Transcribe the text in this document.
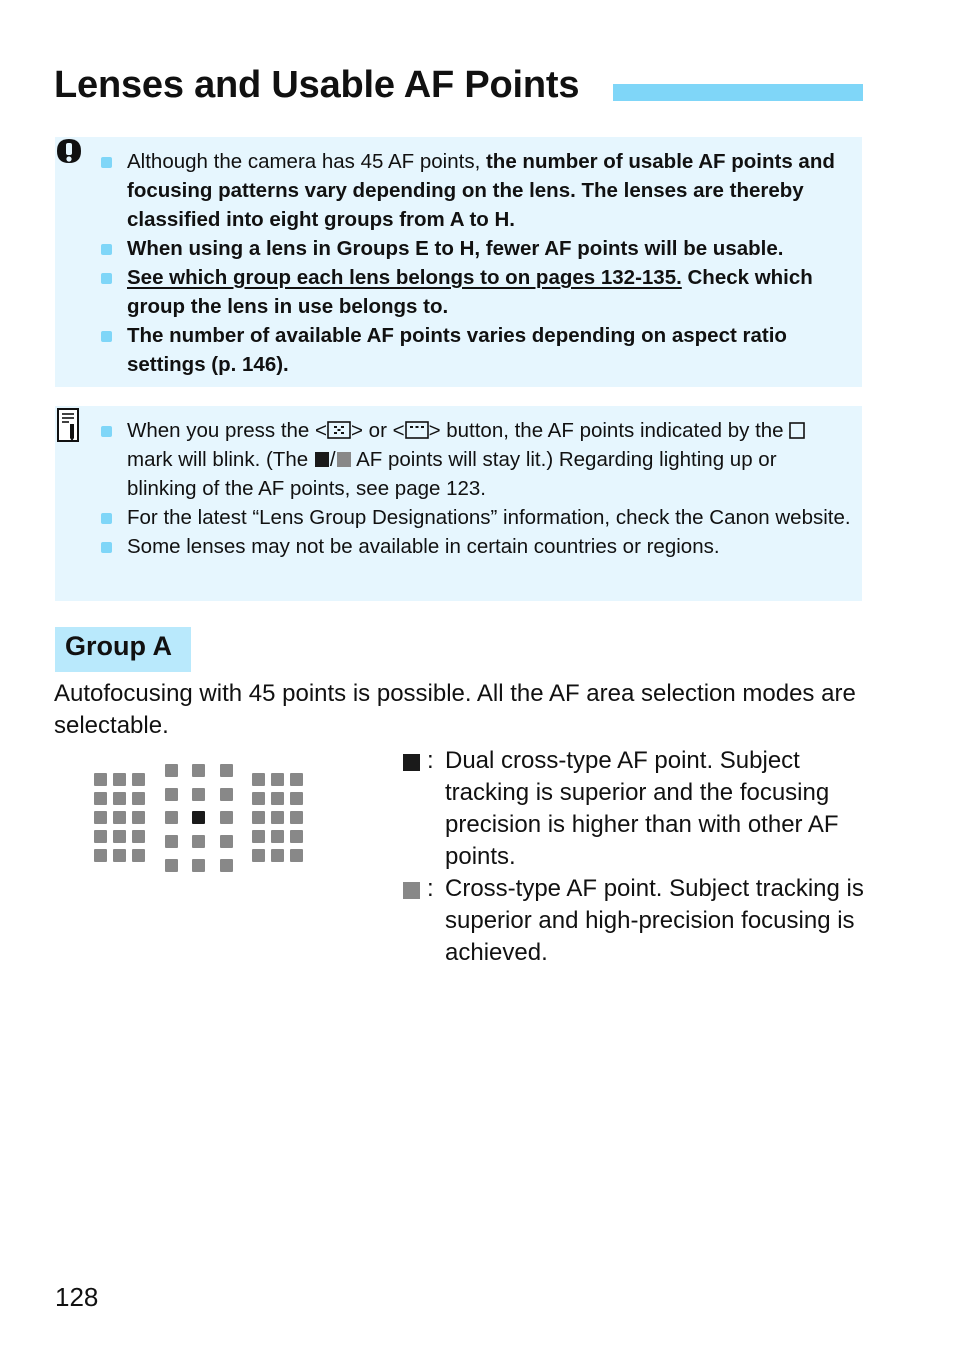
Lenses and Usable AF Points
Although the camera has 45 AF points, the number of usable AF points and focusing patterns vary depending on the lens. The lenses are thereby classified into eight groups from A to H.
When using a lens in Groups E to H, fewer AF points will be usable.
See which group each lens belongs to on pages 132-135. Check which group the lens in use belongs to.
The number of available AF points varies depending on aspect ratio settings (p. 146).
When you press the < > or < > button, the AF points indicated by the  mark will blink. (The / AF points will stay lit.) Regarding lighting up or blinking of the AF points, see page 123.
For the latest “Lens Group Designations” information, check the Canon website.
Some lenses may not be available in certain countries or regions.
Group A
Autofocusing with 45 points is possible. All the AF area selection modes are selectable.
: Dual cross-type AF point. Subject tracking is superior and the focusing precision is higher than with other AF points.
: Cross-type AF point. Subject tracking is superior and high-precision focusing is achieved.
128
